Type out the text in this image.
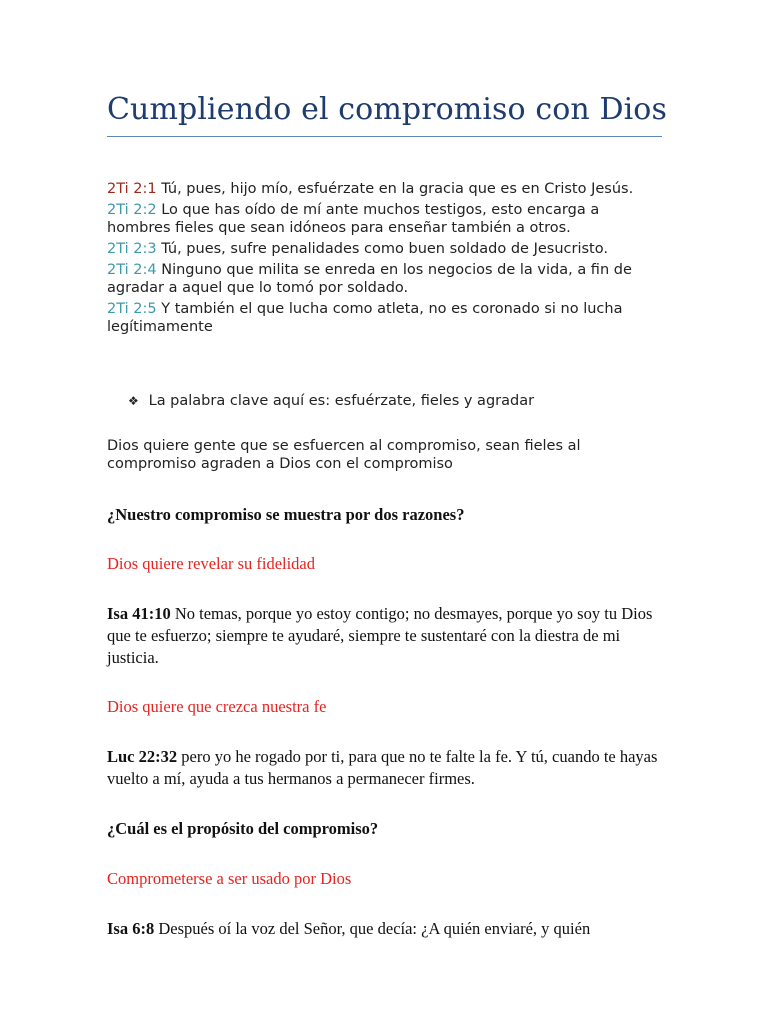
Cumpliendo el compromiso con Dios
2Ti 2:1 Tú, pues, hijo mío, esfuérzate en la gracia que es en Cristo Jesús.
2Ti 2:2 Lo que has oído de mí ante muchos testigos, esto encarga a hombres fieles que sean idóneos para enseñar también a otros.
2Ti 2:3 Tú, pues, sufre penalidades como buen soldado de Jesucristo.
2Ti 2:4 Ninguno que milita se enreda en los negocios de la vida, a fin de agradar a aquel que lo tomó por soldado.
2Ti 2:5 Y también el que lucha como atleta, no es coronado si no lucha legítimamente
❖ La palabra clave aquí es: esfuérzate, fieles y agradar
Dios quiere gente que se esfuercen al compromiso, sean fieles al compromiso agraden a Dios con el compromiso
¿Nuestro compromiso se muestra por dos razones?
Dios quiere revelar su fidelidad
Isa 41:10 No temas, porque yo estoy contigo; no desmayes, porque yo soy tu Dios que te esfuerzo; siempre te ayudaré, siempre te sustentaré con la diestra de mi justicia.
Dios quiere que crezca nuestra fe
Luc 22:32 pero yo he rogado por ti, para que no te falte la fe. Y tú, cuando te hayas vuelto a mí, ayuda a tus hermanos a permanecer firmes.
¿Cuál es el propósito del compromiso?
Comprometerse a ser usado por Dios
Isa 6:8 Después oí la voz del Señor, que decía: ¿A quién enviaré, y quién
